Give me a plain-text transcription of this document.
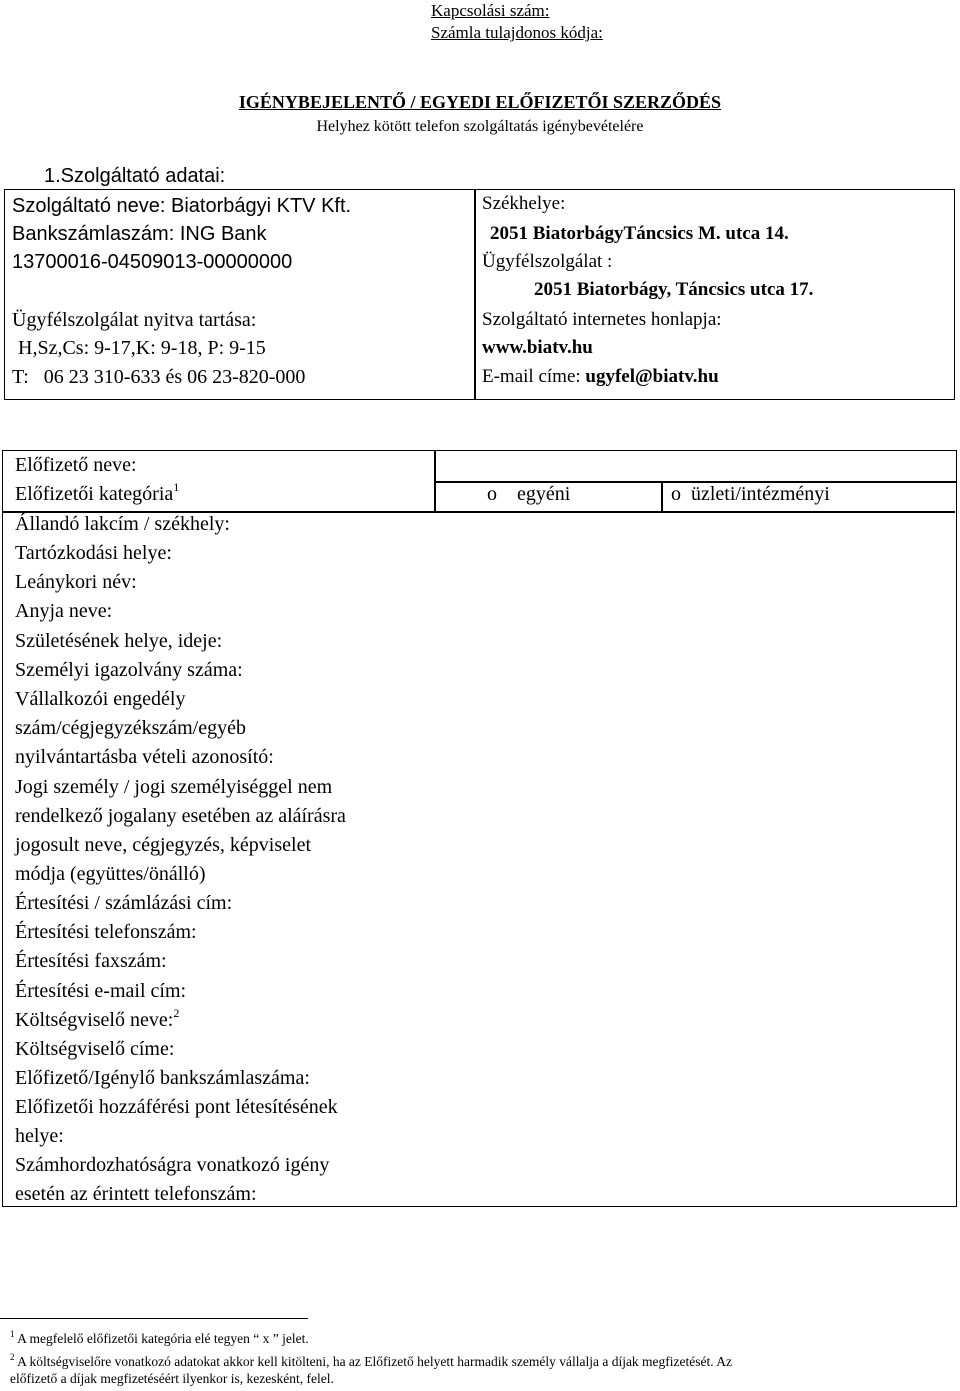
Kapcsolási szám:
Számla tulajdonos kódja:
IGÉNYBEJELENTŐ / EGYEDI ELŐFIZETŐI SZERZŐDÉS
Helyhez kötött telefon szolgáltatás igénybevételére
1.Szolgáltató adatai:
Szolgáltató neve: Biatorbágyi KTV Kft.
Bankszámlaszám: ING Bank
13700016-04509013-00000000
Ügyfélszolgálat nyitva tartása:
H,Sz,Cs: 9-17,K: 9-18, P: 9-15
T:   06 23 310-633 és 06 23-820-000
Székhelye:
2051 BiatorbágyTáncsics M. utca 14.
Ügyfélszolgálat :
2051 Biatorbágy, Táncsics utca 17.
Szolgáltató internetes honlapja:
www.biatv.hu
E-mail címe: ugyfel@biatv.hu
Előfizető neve:
Előfizetői kategória$^1$	o egyéni	o üzleti/intézményi
Állandó lakcím / székhely:
Tartózkodási helye:
Leánykori név:
Anyja neve:
Születésének helye, ideje:
Személyi igazolvány száma:
Vállalkozói engedély
szám/cégjegyzékszám/egyéb
nyilvántartásba vételi azonosító:
Jogi személy / jogi személyiséggel nem
rendelkező jogalany esetében az aláírásra
jogosult neve, cégjegyzés, képviselet
módja (együttes/önálló)
Értesítési / számlázási cím:
Értesítési telefonszám:
Értesítési faxszám:
Értesítési e-mail cím:
Költségviselő neve:$^2$
Költségviselő címe:
Előfizető/Igénylő bankszámlaszáma:
Előfizetői hozzáférési pont létesítésének
helye:
Számhordozhatóságra vonatkozó igény
esetén az érintett telefonszám:
$^1$ A megfelelő előfizetői kategória elé tegyen “ x ” jelet.
$^2$ A költségviselőre vonatkozó adatokat akkor kell kitölteni, ha az Előfizető helyett harmadik személy vállalja a díjak megfizetését. Az
előfizető a díjak megfizetéséért ilyenkor is, kezesként, felel.
